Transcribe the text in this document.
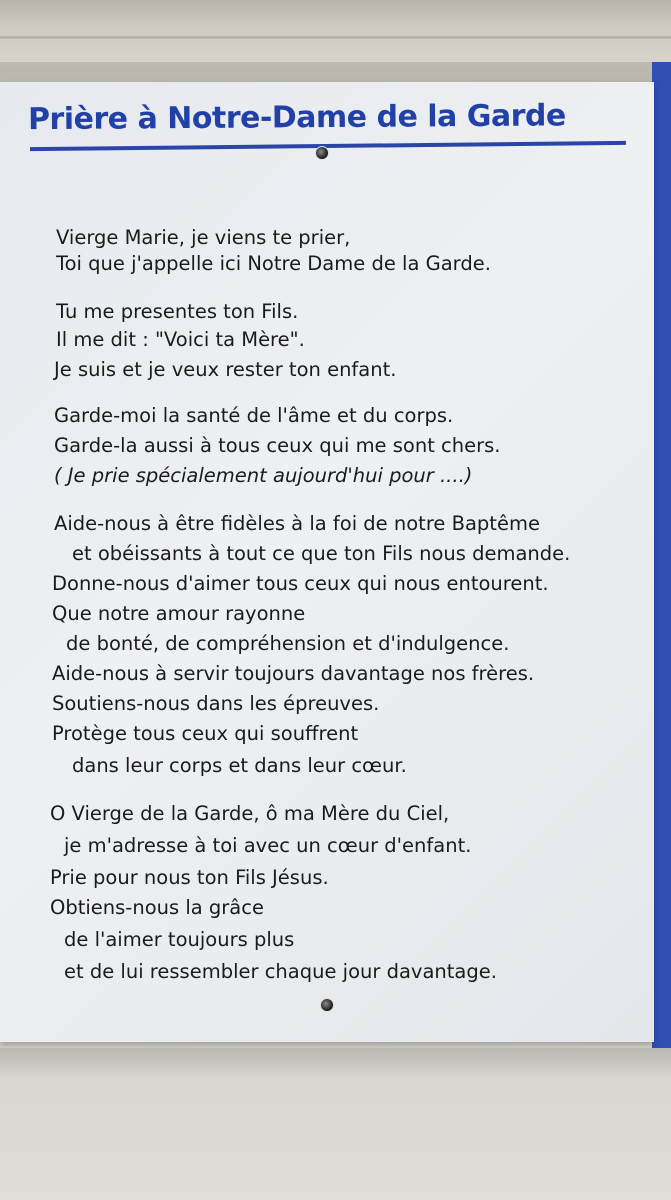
Prière à Notre-Dame de la Garde
Vierge Marie, je viens te prier,
Toi que j'appelle ici Notre Dame de la Garde.
Tu me presentes ton Fils.
Il me dit : "Voici ta Mère".
Je suis et je veux rester ton enfant.
Garde-moi la santé de l'âme et du corps.
Garde-la aussi à tous ceux qui me sont chers.
( Je prie spécialement aujourd'hui pour ....)
Aide-nous à être fidèles à la foi de notre Baptême
et obéissants à tout ce que ton Fils nous demande.
Donne-nous d'aimer tous ceux qui nous entourent.
Que notre amour rayonne
de bonté, de compréhension et d'indulgence.
Aide-nous à servir toujours davantage nos frères.
Soutiens-nous dans les épreuves.
Protège tous ceux qui souffrent
dans leur corps et dans leur cœur.
O Vierge de la Garde, ô ma Mère du Ciel,
je m'adresse à toi avec un cœur d'enfant.
Prie pour nous ton Fils Jésus.
Obtiens-nous la grâce
de l'aimer toujours plus
et de lui ressembler chaque jour davantage.
